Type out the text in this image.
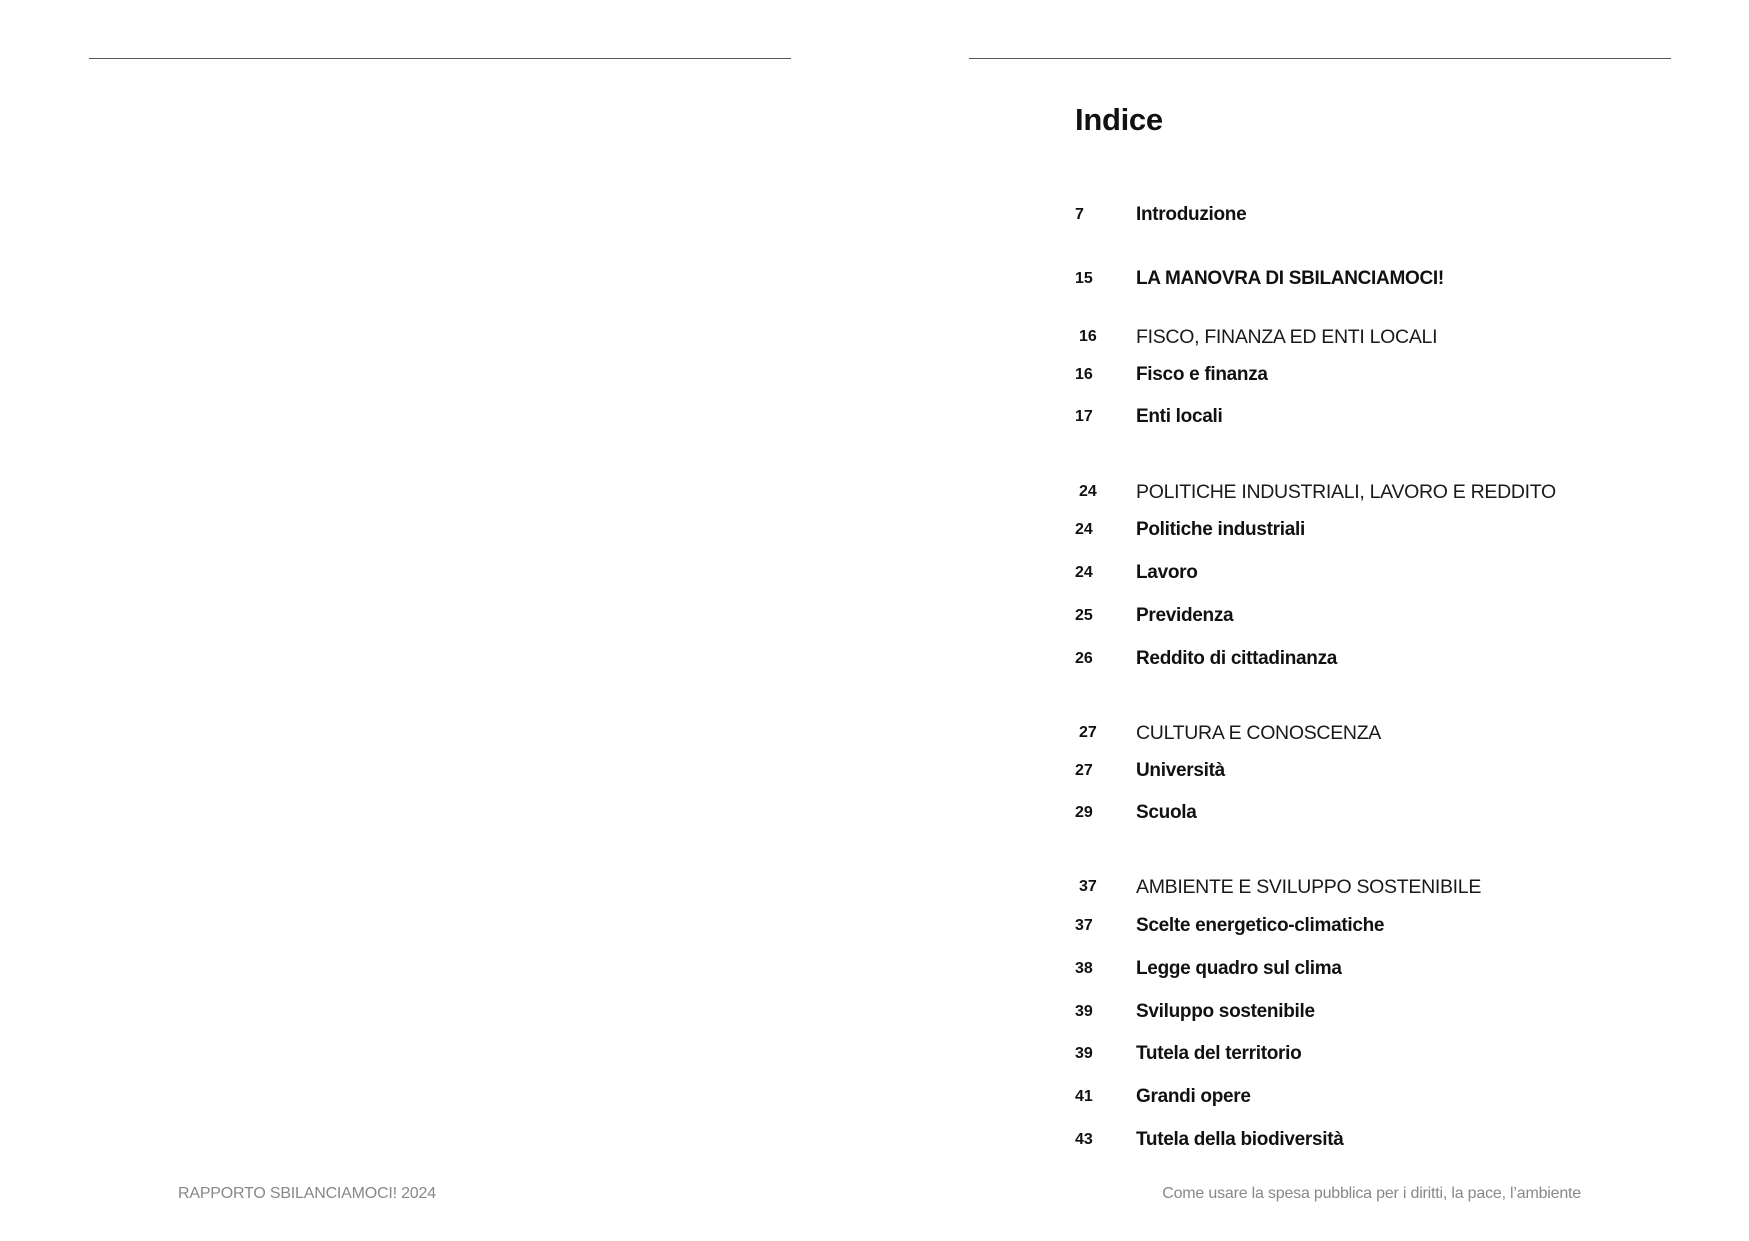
Indice
7	Introduzione
15	LA MANOVRA DI SBILANCIAMOCI!
16	FISCO, FINANZA ED ENTI LOCALI
16	Fisco e finanza
17	Enti locali
24	POLITICHE INDUSTRIALI, LAVORO E REDDITO
24	Politiche industriali
24	Lavoro
25	Previdenza
26	Reddito di cittadinanza
27	CULTURA E CONOSCENZA
27	Università
29	Scuola
37	AMBIENTE E SVILUPPO SOSTENIBILE
37	Scelte energetico-climatiche
38	Legge quadro sul clima
39	Sviluppo sostenibile
39	Tutela del territorio
41	Grandi opere
43	Tutela della biodiversità
RAPPORTO SBILANCIAMOCI! 2024	Come usare la spesa pubblica per i diritti, la pace, l’ambiente
